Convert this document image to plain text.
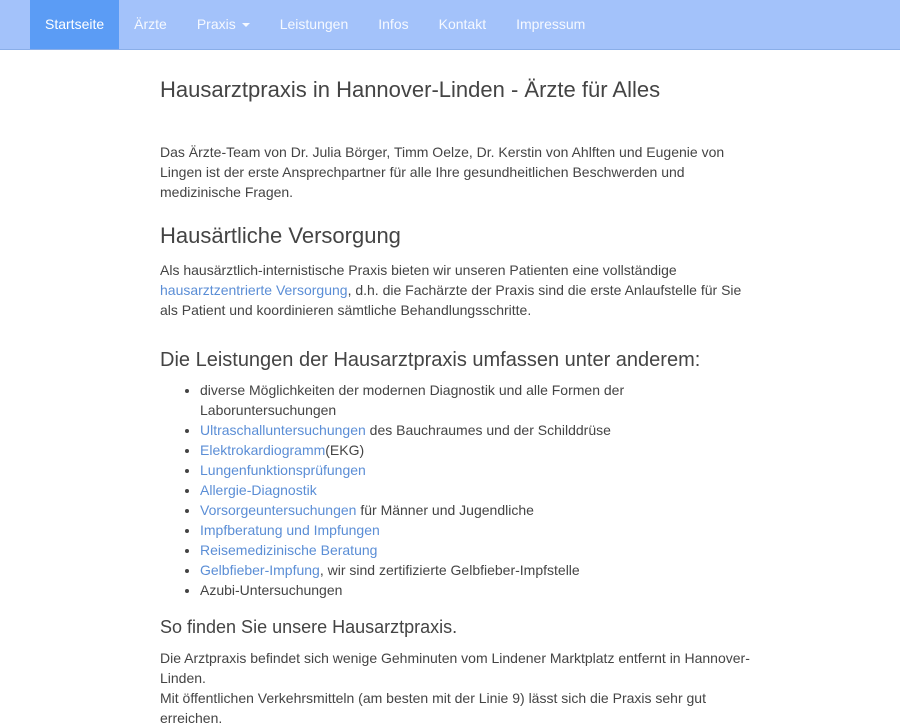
Startseite	Ärzte	Praxis	Leistungen	Infos	Kontakt	Impressum
Hausarztpraxis in Hannover-Linden - Ärzte für Alles

Das Ärzte-Team von Dr. Julia Börger, Timm Oelze, Dr. Kerstin von Ahlften und Eugenie von Lingen ist der erste Ansprechpartner für alle Ihre gesundheitlichen Beschwerden und medizinische Fragen.

Hausärtliche Versorgung

Als hausärztlich-internistische Praxis bieten wir unseren Patienten eine vollständige hausarztzentrierte Versorgung, d.h. die Fachärzte der Praxis sind die erste Anlaufstelle für Sie als Patient und koordinieren sämtliche Behandlungsschritte.

Die Leistungen der Hausarztpraxis umfassen unter anderem:
• diverse Möglichkeiten der modernen Diagnostik und alle Formen der Laboruntersuchungen
• Ultraschalluntersuchungen des Bauchraumes und der Schilddrüse
• Elektrokardiogramm(EKG)
• Lungenfunktionsprüfungen
• Allergie-Diagnostik
• Vorsorgeuntersuchungen für Männer und Jugendliche
• Impfberatung und Impfungen
• Reisemedizinische Beratung
• Gelbfieber-Impfung, wir sind zertifizierte Gelbfieber-Impfstelle
• Azubi-Untersuchungen
So finden Sie unsere Hausarztpraxis.

Die Arztpraxis befindet sich wenige Gehminuten vom Lindener Marktplatz entfernt in Hannover-Linden.
Mit öffentlichen Verkehrsmitteln (am besten mit der Linie 9) lässt sich die Praxis sehr gut erreichen.
